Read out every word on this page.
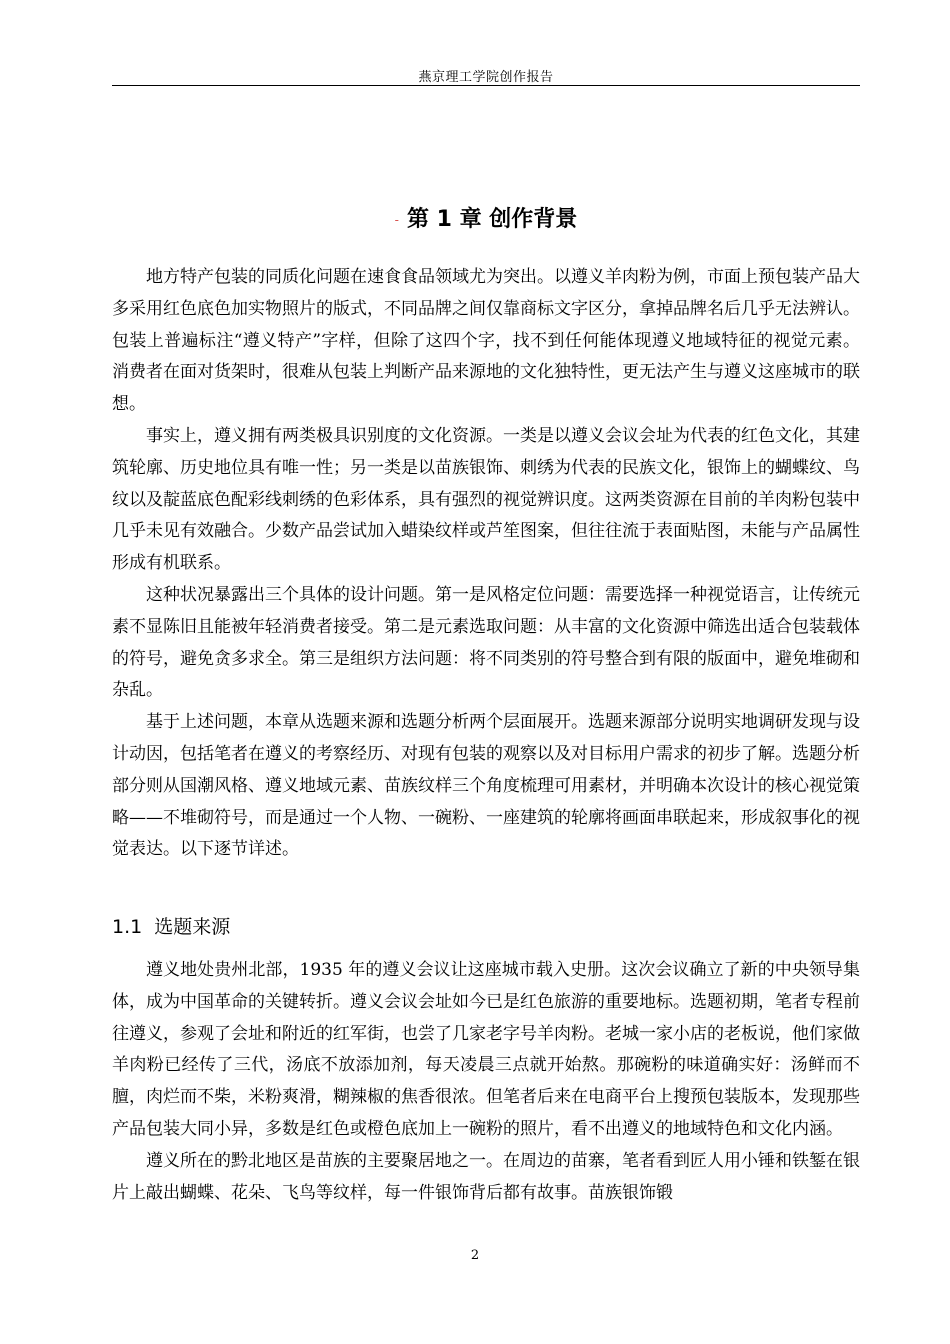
燕京理工学院创作报告
- 第 1 章 创作背景

地方特产包装的同质化问题在速食食品领域尤为突出。以遵义羊肉粉为例，市面上预包装产品大多采用红色底色加实物照片的版式，不同品牌之间仅靠商标文字区分，拿掉品牌名后几乎无法辨认。包装上普遍标注“遵义特产”字样，但除了这四个字，找不到任何能体现遵义地域特征的视觉元素。消费者在面对货架时，很难从包装上判断产品来源地的文化独特性，更无法产生与遵义这座城市的联想。

事实上，遵义拥有两类极具识别度的文化资源。一类是以遵义会议会址为代表的红色文化，其建筑轮廓、历史地位具有唯一性；另一类是以苗族银饰、刺绣为代表的民族文化，银饰上的蝴蝶纹、鸟纹以及靛蓝底色配彩线刺绣的色彩体系，具有强烈的视觉辨识度。这两类资源在目前的羊肉粉包装中几乎未见有效融合。少数产品尝试加入蜡染纹样或芦笙图案，但往往流于表面贴图，未能与产品属性形成有机联系。

这种状况暴露出三个具体的设计问题。第一是风格定位问题：需要选择一种视觉语言，让传统元素不显陈旧且能被年轻消费者接受。第二是元素选取问题：从丰富的文化资源中筛选出适合包装载体的符号，避免贪多求全。第三是组织方法问题：将不同类别的符号整合到有限的版面中，避免堆砌和杂乱。

基于上述问题，本章从选题来源和选题分析两个层面展开。选题来源部分说明实地调研发现与设计动因，包括笔者在遵义的考察经历、对现有包装的观察以及对目标用户需求的初步了解。选题分析部分则从国潮风格、遵义地域元素、苗族纹样三个角度梳理可用素材，并明确本次设计的核心视觉策略——不堆砌符号，而是通过一个人物、一碗粉、一座建筑的轮廓将画面串联起来，形成叙事化的视觉表达。以下逐节详述。

1.1 选题来源

遵义地处贵州北部，1935 年的遵义会议让这座城市载入史册。这次会议确立了新的中央领导集体，成为中国革命的关键转折。遵义会议会址如今已是红色旅游的重要地标。选题初期，笔者专程前往遵义，参观了会址和附近的红军街，也尝了几家老字号羊肉粉。老城一家小店的老板说，他们家做羊肉粉已经传了三代，汤底不放添加剂，每天凌晨三点就开始熬。那碗粉的味道确实好：汤鲜而不膻，肉烂而不柴，米粉爽滑，糊辣椒的焦香很浓。但笔者后来在电商平台上搜预包装版本，发现那些产品包装大同小异，多数是红色或橙色底加上一碗粉的照片，看不出遵义的地域特色和文化内涵。

遵义所在的黔北地区是苗族的主要聚居地之一。在周边的苗寨，笔者看到匠人用小锤和铁錾在银片上敲出蝴蝶、花朵、飞鸟等纹样，每一件银饰背后都有故事。苗族银饰锻

2
